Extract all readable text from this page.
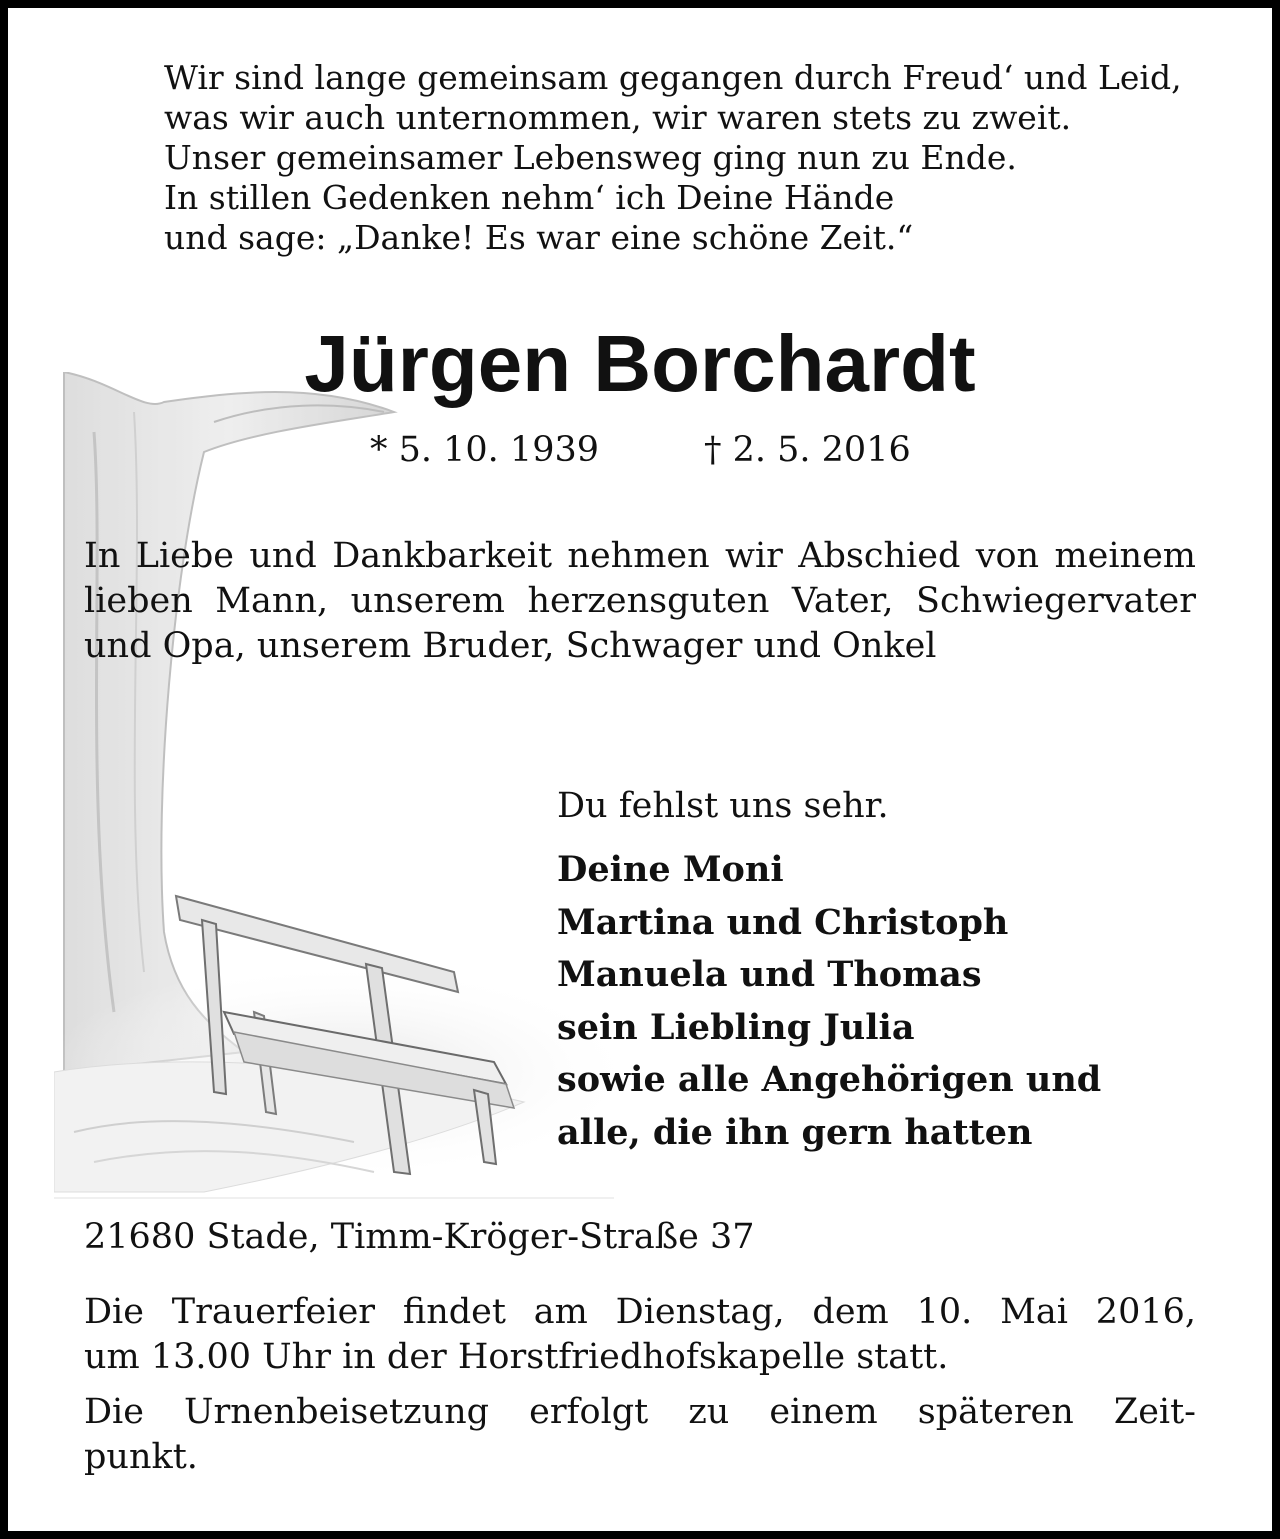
Wir sind lange gemeinsam gegangen durch Freud‘ und Leid,
was wir auch unternommen, wir waren stets zu zweit.
Unser gemeinsamer Lebensweg ging nun zu Ende.
In stillen Gedenken nehm‘ ich Deine Hände
und sage: „Danke! Es war eine schöne Zeit.“
Jürgen Borchardt
* 5. 10. 1939	† 2. 5. 2016
In Liebe und Dankbarkeit nehmen wir Abschied von meinem lieben Mann, unserem herzensguten Vater, Schwiegervater und Opa, unserem Bruder, Schwager und Onkel
Du fehlst uns sehr.
Deine Moni
Martina und Christoph
Manuela und Thomas
sein Liebling Julia
sowie alle Angehörigen und
alle, die ihn gern hatten
21680 Stade, Timm-Kröger-Straße 37
Die Trauerfeier findet am Dienstag, dem 10. Mai 2016,
um 13.00 Uhr in der Horstfriedhofskapelle statt.
Die Urnenbeisetzung erfolgt zu einem späteren Zeit-
punkt.
